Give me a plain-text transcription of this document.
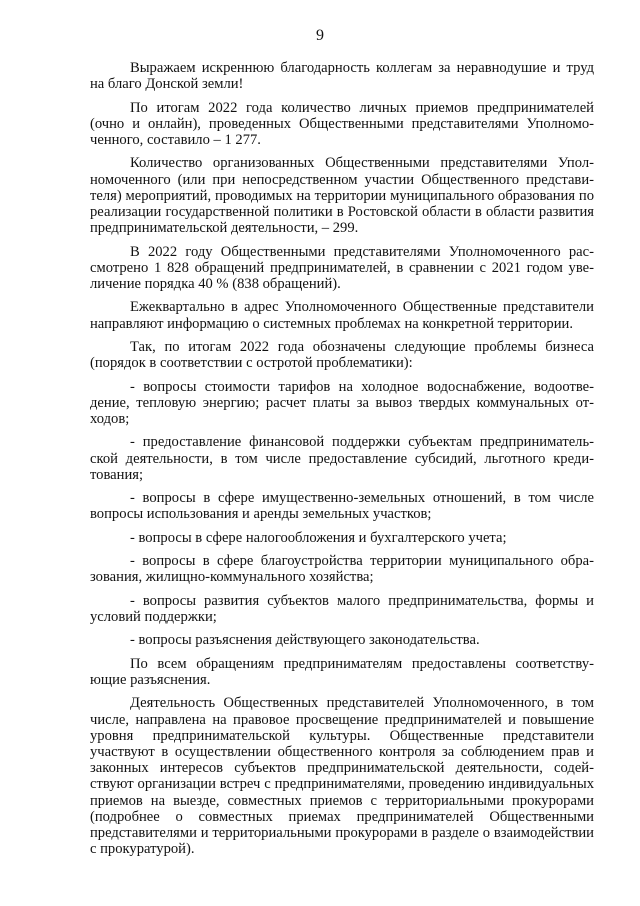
9

Выражаем искреннюю благодарность коллегам за неравнодушие и труд на благо Донской земли!

По итогам 2022 года количество личных приемов предпринимателей (очно и онлайн), проведенных Общественными представителями Уполномоченного, составило – 1 277.

Количество организованных Общественными представителями Уполномоченного (или при непосредственном участии Общественного представителя) мероприятий, проводимых на территории муниципального образования по реализации государственной политики в Ростовской области в области развития предпринимательской деятельности, – 299.

В 2022 году Общественными представителями Уполномоченного рассмотрено 1 828 обращений предпринимателей, в сравнении с 2021 годом увеличение порядка 40 % (838 обращений).

Ежеквартально в адрес Уполномоченного Общественные представители направляют информацию о системных проблемах на конкретной территории.

Так, по итогам 2022 года обозначены следующие проблемы бизнеса (порядок в соответствии с остротой проблематики):

- вопросы стоимости тарифов на холодное водоснабжение, водоотведение, тепловую энергию; расчет платы за вывоз твердых коммунальных отходов;

- предоставление финансовой поддержки субъектам предпринимательской деятельности, в том числе предоставление субсидий, льготного кредитования;

- вопросы в сфере имущественно-земельных отношений, в том числе вопросы использования и аренды земельных участков;

- вопросы в сфере налогообложения и бухгалтерского учета;

- вопросы в сфере благоустройства территории муниципального образования, жилищно-коммунального хозяйства;

- вопросы развития субъектов малого предпринимательства, формы и условий поддержки;

- вопросы разъяснения действующего законодательства.

По всем обращениям предпринимателям предоставлены соответствующие разъяснения.

Деятельность Общественных представителей Уполномоченного, в том числе, направлена на правовое просвещение предпринимателей и повышение уровня предпринимательской культуры. Общественные представители участвуют в осуществлении общественного контроля за соблюдением прав и законных интересов субъектов предпринимательской деятельности, содействуют организации встреч с предпринимателями, проведению индивидуальных приемов на выезде, совместных приемов с территориальными прокурорами (подробнее о совместных приемах предпринимателей Общественными представителями и территориальными прокурорами в разделе о взаимодействии с прокуратурой).
